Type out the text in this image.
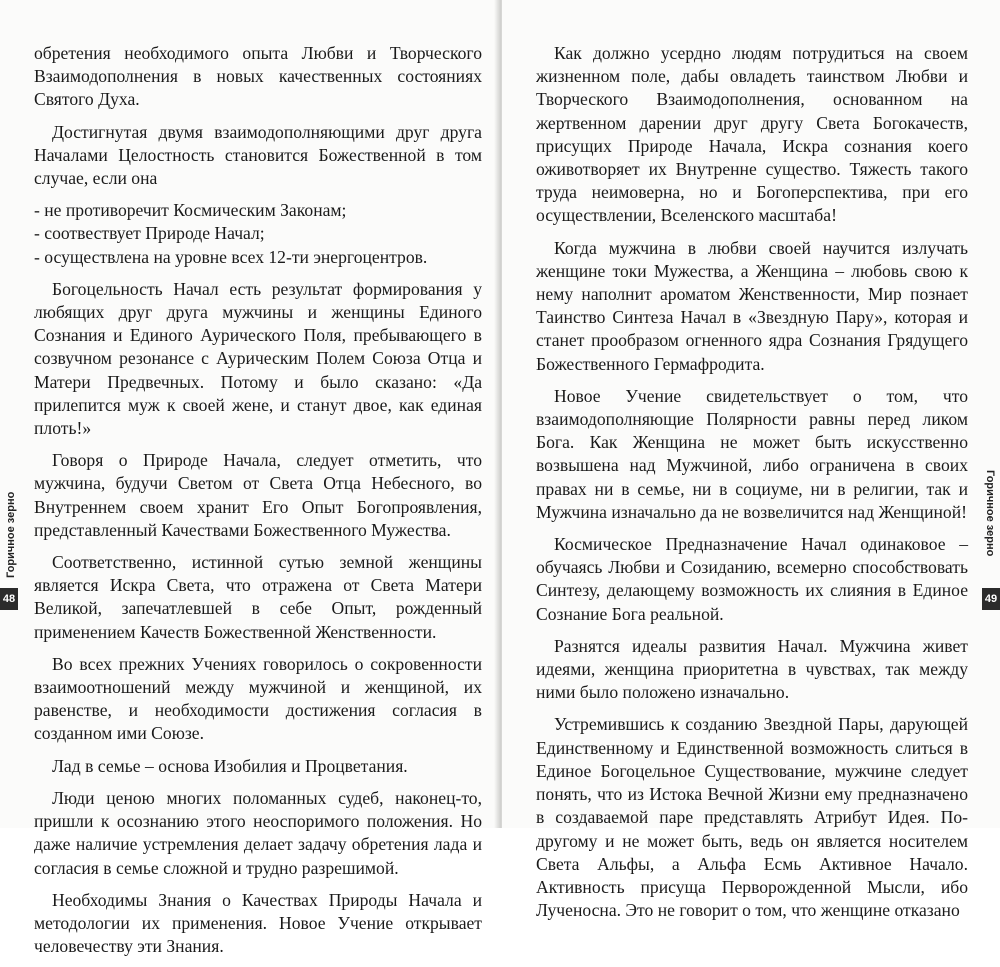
обретения необходимого опыта Любви и Творческого Взаимодополнения в новых качественных состояниях Святого Духа.

Достигнутая двумя взаимодополняющими друг друга Началами Целостность становится Божественной в том случае, если она

- не противоречит Космическим Законам;

- соотвествует Природе Начал;

- осуществлена на уровне всех 12-ти энергоцентров.

Богоцельность Начал есть результат формирования у любящих друг друга мужчины и женщины Единого Сознания и Единого Аурического Поля, пребывающего в созвучном резонансе с Аурическим Полем Союза Отца и Матери Предвечных. Потому и было сказано: «Да прилепится муж к своей жене, и станут двое, как единая плоть!»

Говоря о Природе Начала, следует отметить, что мужчина, будучи Светом от Света Отца Небесного, во Внутреннем своем хранит Его Опыт Богопроявления, представленный Качествами Божественного Мужества.

Соответственно, истинной сутью земной женщины является Искра Света, что отражена от Света Матери Великой, запечатлевшей в себе Опыт, рожденный применением Качеств Божественной Женственности.

Во всех прежних Учениях говорилось о сокровенности взаимоотношений между мужчиной и женщиной, их равенстве, и необходимости достижения согласия в созданном ими Союзе.

Лад в семье – основа Изобилия и Процветания.

Люди ценою многих поломанных судеб, наконец-то, пришли к осознанию этого неоспоримого положения. Но даже наличие устремления делает задачу обретения лада и согласия в семье сложной и трудно разрешимой.

Необходимы Знания о Качествах Природы Начала и методологии их применения. Новое Учение открывает человечеству эти Знания.

Горичное зерно
48

Как должно усердно людям потрудиться на своем жизненном поле, дабы овладеть таинством Любви и Творческого Взаимодополнения, основанном на жертвенном дарении друг другу Света Богокачеств, присущих Природе Начала, Искра сознания коего оживотворяет их Внутренне существо. Тяжесть такого труда неимоверна, но и Богоперспектива, при его осуществлении, Вселенского масштаба!

Когда мужчина в любви своей научится излучать женщине токи Мужества, а Женщина – любовь свою к нему наполнит ароматом Женственности, Мир познает Таинство Синтеза Начал в «Звездную Пару», которая и станет прообразом огненного ядра Сознания Грядущего Божественного Гермафродита.

Новое Учение свидетельствует о том, что взаимодополняющие Полярности равны перед ликом Бога. Как Женщина не может быть искусственно возвышена над Мужчиной, либо ограничена в своих правах ни в семье, ни в социуме, ни в религии, так и Мужчина изначально да не возвеличится над Женщиной!

Космическое Предназначение Начал одинаковое – обучаясь Любви и Созиданию, всемерно способствовать Синтезу, делающему возможность их слияния в Единое Сознание Бога реальной.

Разнятся идеалы развития Начал. Мужчина живет идеями, женщина приоритетна в чувствах, так между ними было положено изначально.

Устремившись к созданию Звездной Пары, дарующей Единственному и Единственной возможность слиться в Единое Богоцельное Существование, мужчине следует понять, что из Истока Вечной Жизни ему предназначено в создаваемой паре представлять Атрибут Идея. По-другому и не может быть, ведь он является носителем Света Альфы, а Альфа Есмь Активное Начало. Активность присуща Перворожденной Мысли, ибо Лученосна. Это не говорит о том, что женщине отказано

Горичное зерно
49
